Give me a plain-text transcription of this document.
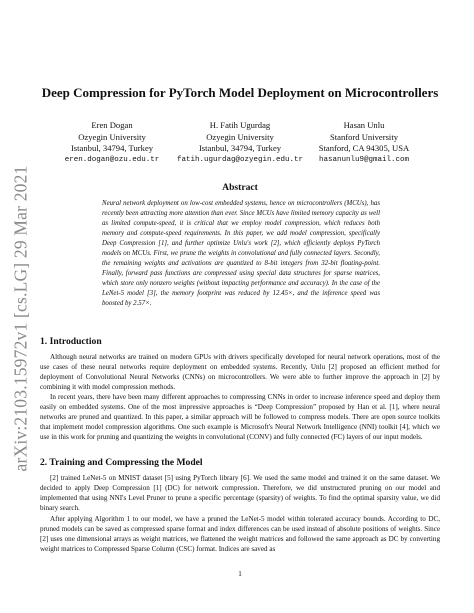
arXiv:2103.15972v1 [cs.LG] 29 Mar 2021
Deep Compression for PyTorch Model Deployment on Microcontrollers
Eren Dogan
Ozyegin University
Istanbul, 34794, Turkey
eren.dogan@ozu.edu.tr
H. Fatih Ugurdag
Ozyegin University
Istanbul, 34794, Turkey
fatih.ugurdag@ozyegin.edu.tr
Hasan Unlu
Stanford University
Stanford, CA 94305, USA
hasanunlu9@gmail.com
Abstract
Neural network deployment on low-cost embedded systems, hence on microcontrollers (MCUs), has recently been attracting more attention than ever. Since MCUs have limited memory capacity as well as limited compute-speed, it is critical that we employ model compression, which reduces both memory and compute-speed requirements. In this paper, we add model compression, specifically Deep Compression [1], and further optimize Unlu's work [2], which efficiently deploys PyTorch models on MCUs. First, we prune the weights in convolutional and fully connected layers. Secondly, the remaining weights and activations are quantized to 8-bit integers from 32-bit floating-point. Finally, forward pass functions are compressed using special data structures for sparse matrices, which store only nonzero weights (without impacting performance and accuracy). In the case of the LeNet-5 model [3], the memory footprint was reduced by 12.45×, and the inference speed was boosted by 2.57×.
1. Introduction
Although neural networks are trained on modern GPUs with drivers specifically developed for neural network operations, most of the use cases of these neural networks require deployment on embedded systems. Recently, Unlu [2] proposed an efficient method for deployment of Convolutional Neural Networks (CNNs) on microcontrollers. We were able to further improve the approach in [2] by combining it with model compression methods.
In recent years, there have been many different approaches to compressing CNNs in order to increase inference speed and deploy them easily on embedded systems. One of the most impressive approaches is “Deep Compression” proposed by Han et al. [1], where neural networks are pruned and quantized. In this paper, a similar approach will be followed to compress models. There are open source toolkits that implement model compression algorithms. One such example is Microsoft's Neural Network Intelligence (NNI) toolkit [4], which we use in this work for pruning and quantizing the weights in convolutional (CONV) and fully connected (FC) layers of our input models.
2. Training and Compressing the Model
[2] trained LeNet-5 on MNIST dataset [5] using PyTorch library [6]. We used the same model and trained it on the same dataset. We decided to apply Deep Compression [1] (DC) for network compression. Therefore, we did unstructured pruning on our model and implemented that using NNI's Level Pruner to prune a specific percentage (sparsity) of weights. To find the optimal sparsity value, we did binary search.
After applying Algorithm 1 to our model, we have a pruned the LeNet-5 model within tolerated accuracy bounds. According to DC, pruned models can be saved as compressed sparse format and index differences can be used instead of absolute positions of weights. Since [2] uses one dimensional arrays as weight matrices, we flattened the weight matrices and followed the same approach as DC by converting weight matrices to Compressed Sparse Column (CSC) format. Indices are saved as
1
